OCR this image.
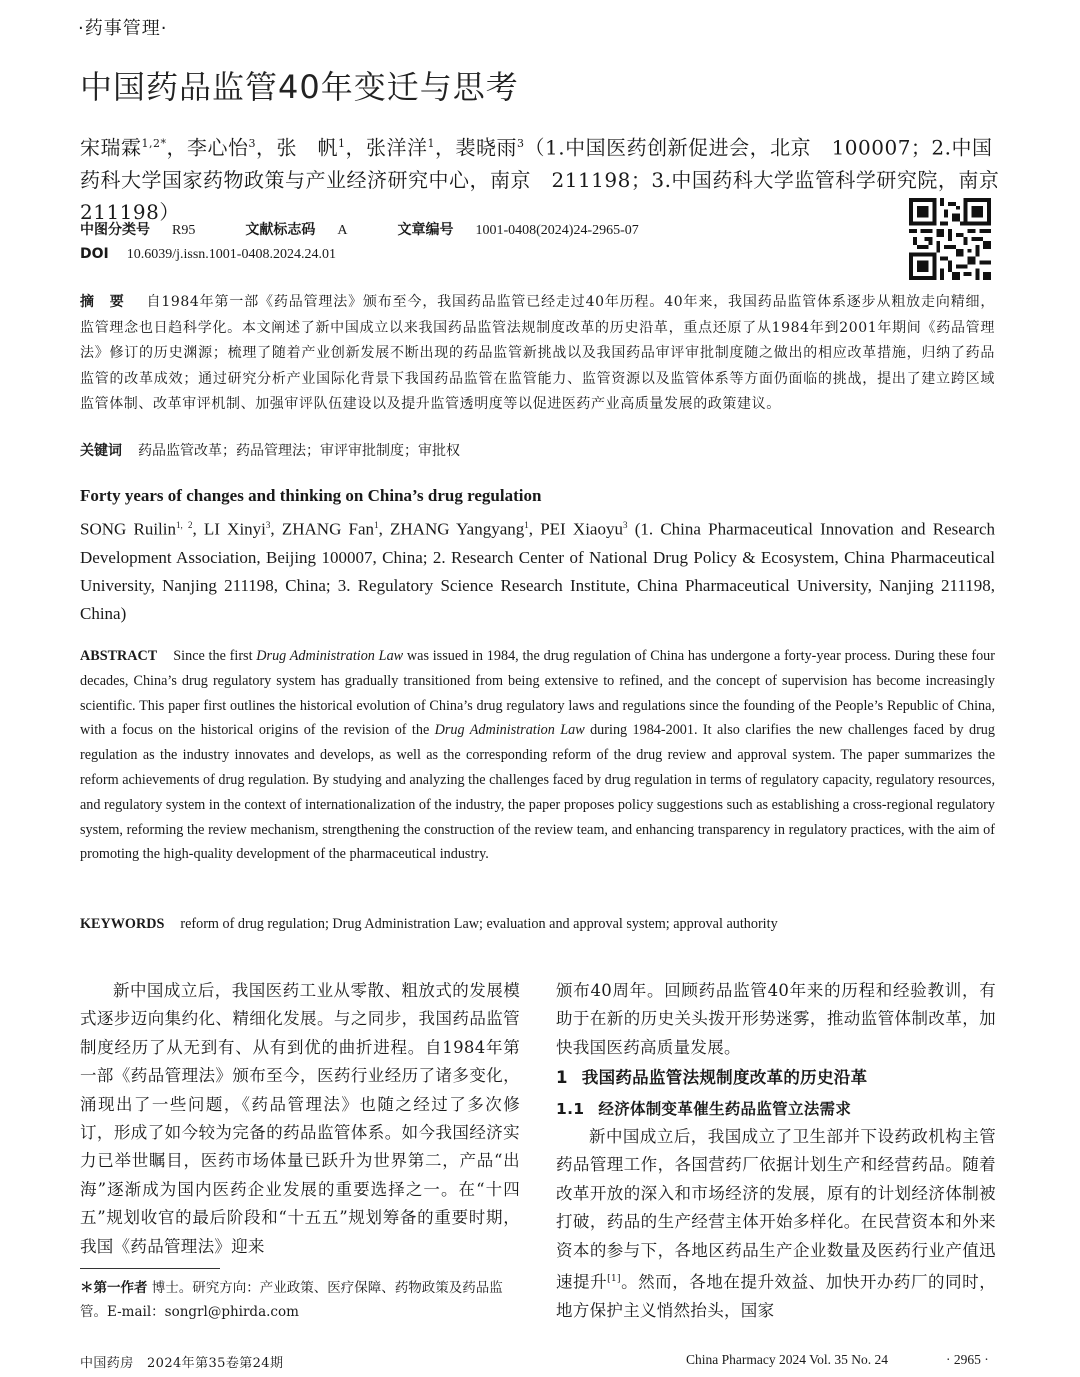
·药事管理·
中国药品监管40年变迁与思考
宋瑞霖$^{1,2*}$，李心怡$^3$，张　帆$^1$，张洋洋$^1$，裴晓雨$^3$（1.中国医药创新促进会，北京　100007；2.中国药科大学国家药物政策与产业经济研究中心，南京　211198；3.中国药科大学监管科学研究院，南京　211198）
中图分类号 R95	文献标志码 A	文章编号 1001-0408(2024)24-2965-07
DOI 10.6039/j.issn.1001-0408.2024.24.01
摘　要 自1984年第一部《药品管理法》颁布至今，我国药品监管已经走过40年历程。40年来，我国药品监管体系逐步从粗放走向精细，监管理念也日趋科学化。本文阐述了新中国成立以来我国药品监管法规制度改革的历史沿革，重点还原了从1984年到2001年期间《药品管理法》修订的历史渊源；梳理了随着产业创新发展不断出现的药品监管新挑战以及我国药品审评审批制度随之做出的相应改革措施，归纳了药品监管的改革成效；通过研究分析产业国际化背景下我国药品监管在监管能力、监管资源以及监管体系等方面仍面临的挑战，提出了建立跨区域监管体制、改革审评机制、加强审评队伍建设以及提升监管透明度等以促进医药产业高质量发展的政策建议。
关键词 药品监管改革；药品管理法；审评审批制度；审批权
Forty years of changes and thinking on China’s drug regulation
SONG Ruilin$^{1, 2}$, LI Xinyi$^3$, ZHANG Fan$^1$, ZHANG Yangyang$^1$, PEI Xiaoyu$^3$ (1. China Pharmaceutical Innovation and Research Development Association, Beijing 100007, China; 2. Research Center of National Drug Policy & Ecosystem, China Pharmaceutical University, Nanjing 211198, China; 3. Regulatory Science Research Institute, China Pharmaceutical University, Nanjing 211198, China)
ABSTRACT Since the first Drug Administration Law was issued in 1984, the drug regulation of China has undergone a forty-year process. During these four decades, China’s drug regulatory system has gradually transitioned from being extensive to refined, and the concept of supervision has become increasingly scientific. This paper first outlines the historical evolution of China’s drug regulatory laws and regulations since the founding of the People’s Republic of China, with a focus on the historical origins of the revision of the Drug Administration Law during 1984-2001. It also clarifies the new challenges faced by drug regulation as the industry innovates and develops, as well as the corresponding reform of the drug review and approval system. The paper summarizes the reform achievements of drug regulation. By studying and analyzing the challenges faced by drug regulation in terms of regulatory capacity, regulatory resources, and regulatory system in the context of internationalization of the industry, the paper proposes policy suggestions such as establishing a cross-regional regulatory system, reforming the review mechanism, strengthening the construction of the review team, and enhancing transparency in regulatory practices, with the aim of promoting the high-quality development of the pharmaceutical industry.
KEYWORDS reform of drug regulation; Drug Administration Law; evaluation and approval system; approval authority

新中国成立后，我国医药工业从零散、粗放式的发展模式逐步迈向集约化、精细化发展。与之同步，我国药品监管制度经历了从无到有、从有到优的曲折进程。自1984年第一部《药品管理法》颁布至今，医药行业经历了诸多变化，涌现出了一些问题，《药品管理法》也随之经过了多次修订，形成了如今较为完备的药品监管体系。如今我国经济实力已举世瞩目，医药市场体量已跃升为世界第二，产品“出海”逐渐成为国内医药企业发展的重要选择之一。在“十四五”规划收官的最后阶段和“十五五”规划筹备的重要时期，我国《药品管理法》迎来

颁布40周年。回顾药品监管40年来的历程和经验教训，有助于在新的历史关头拨开形势迷雾，推动监管体制改革，加快我国医药高质量发展。

1 我国药品监管法规制度改革的历史沿革

1.1 经济体制变革催生药品监管立法需求

新中国成立后，我国成立了卫生部并下设药政机构主管药品管理工作，各国营药厂依据计划生产和经营药品。随着改革开放的深入和市场经济的发展，原有的计划经济体制被打破，药品的生产经营主体开始多样化。在民营资本和外来资本的参与下，各地区药品生产企业数量及医药行业产值迅速提升[1]。然而，各地在提升效益、加快开办药厂的同时，地方保护主义悄然抬头，国家

＊第一作者 博士。研究方向：产业政策、医疗保障、药物政策及药品监管。E-mail：songrl@phirda.com
中国药房　2024年第35卷第24期	China Pharmacy 2024 Vol. 35 No. 24	· 2965 ·
